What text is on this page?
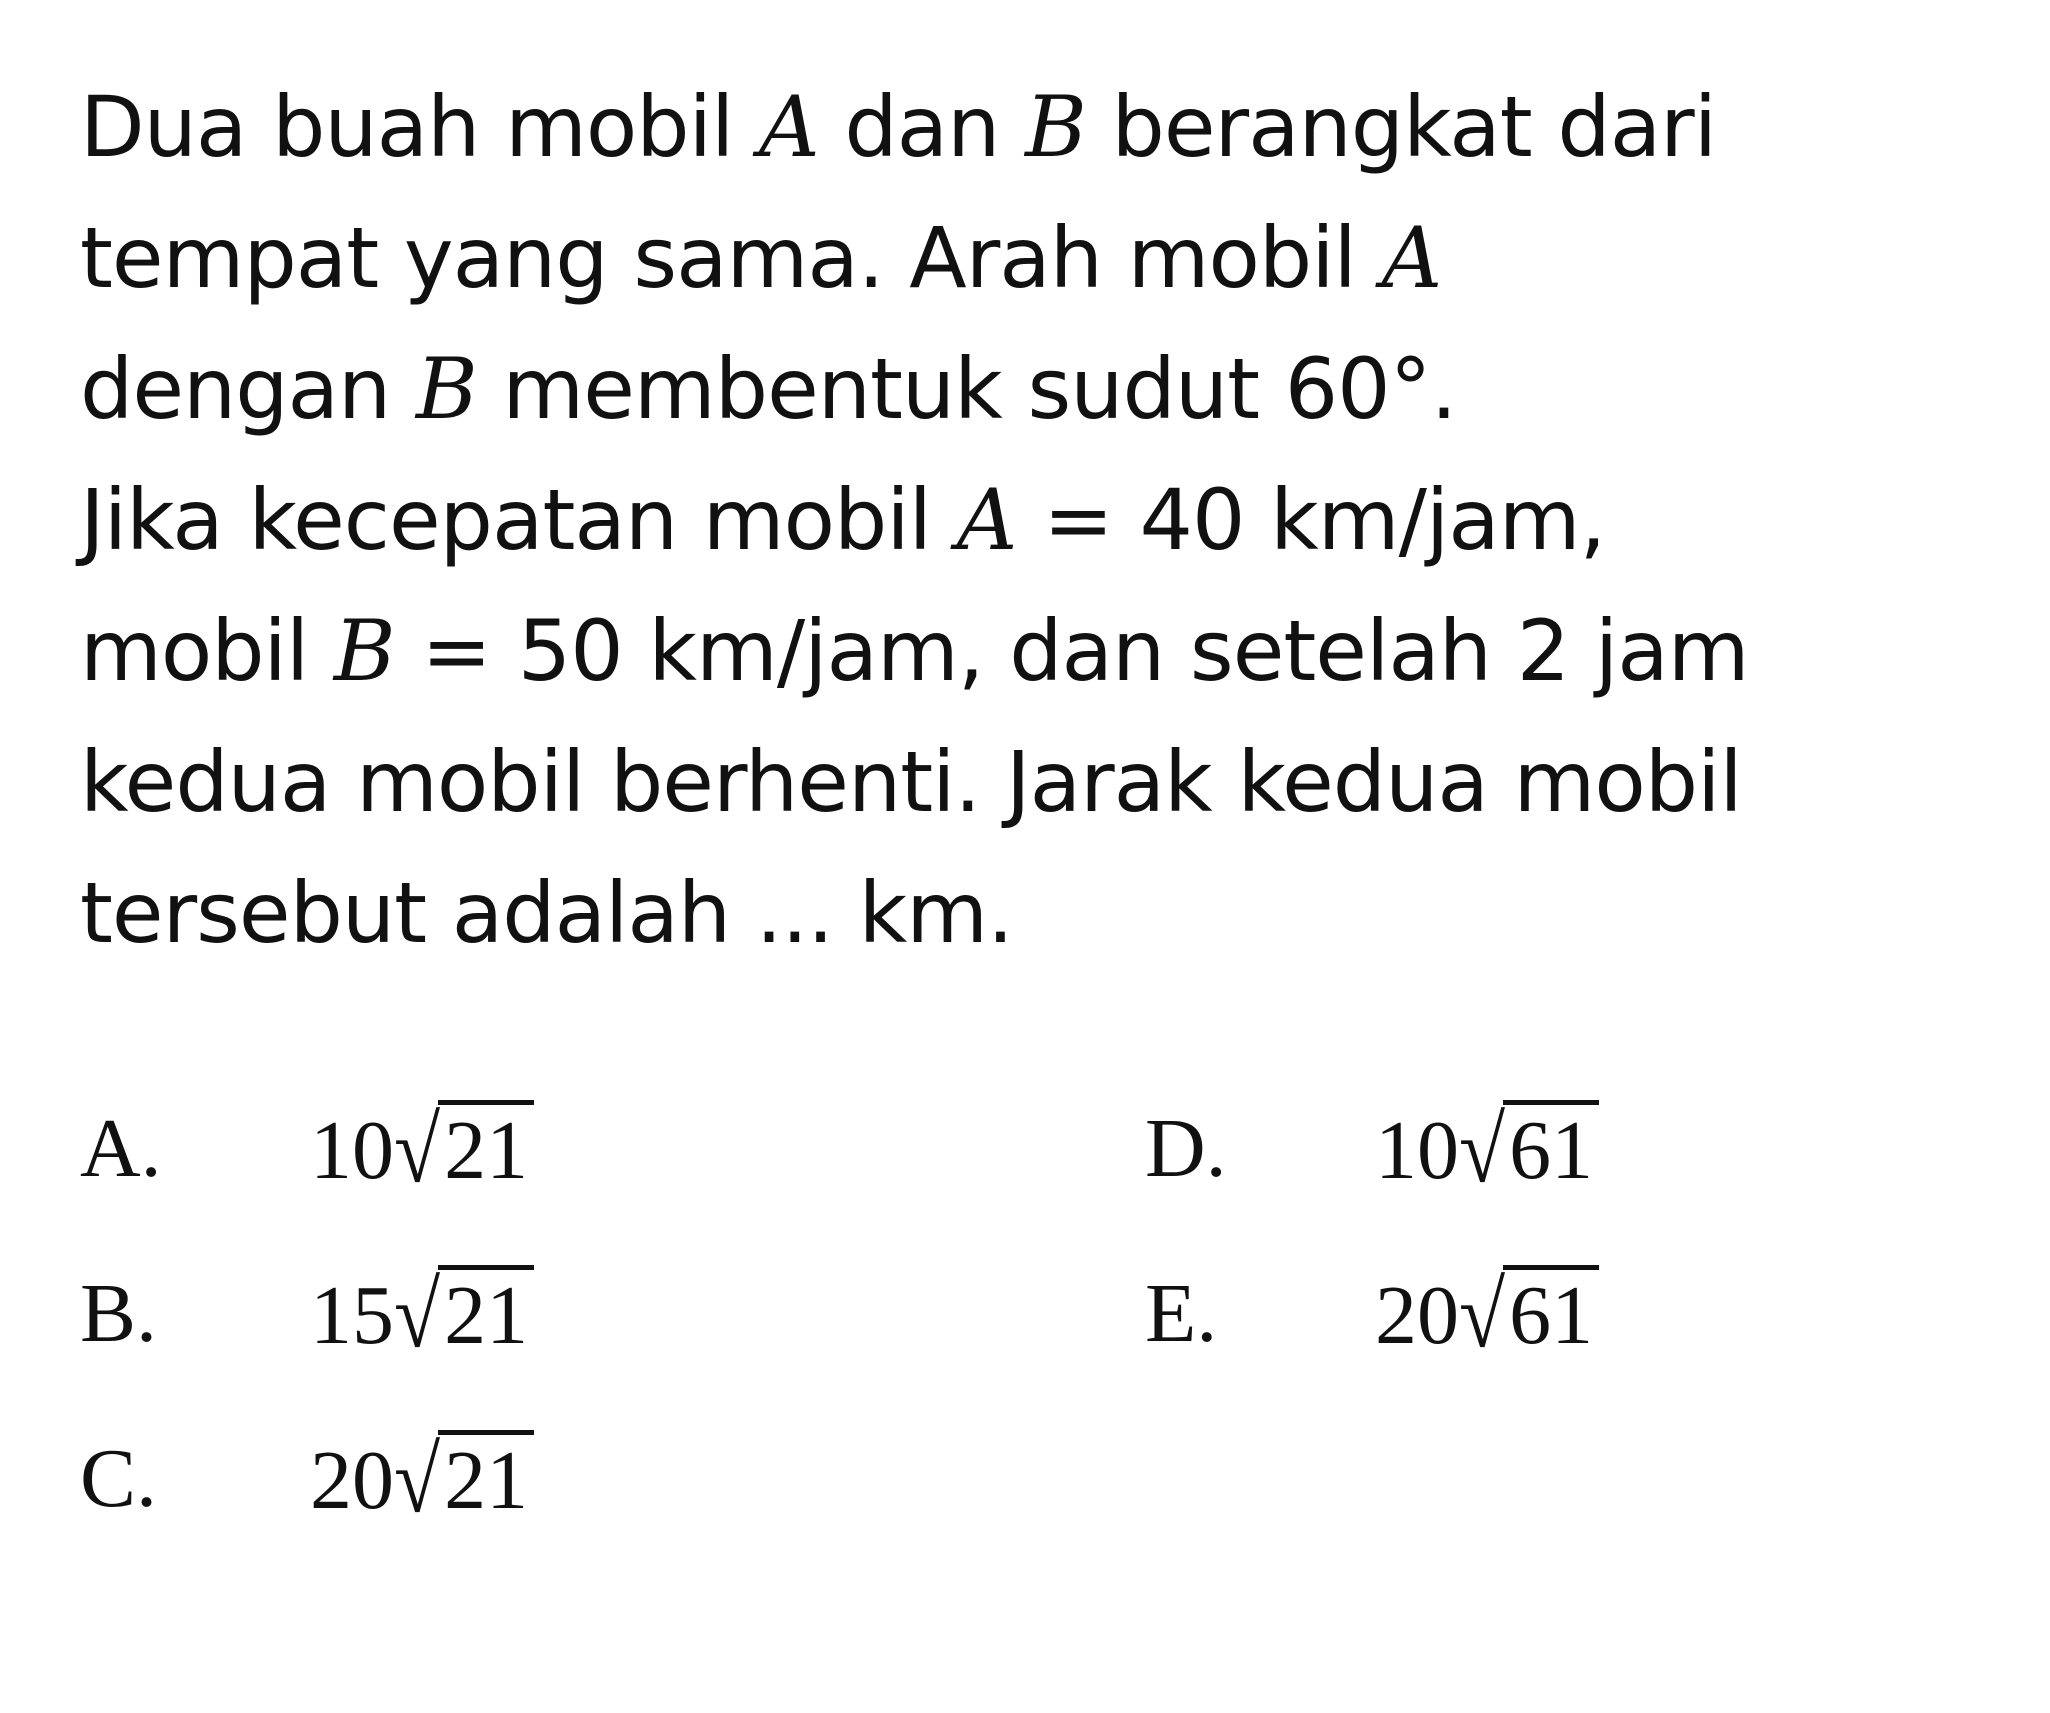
Dua buah mobil A dan B berangkat dari
tempat yang sama. Arah mobil A
dengan B membentuk sudut 60°.
Jika kecepatan mobil A = 40 km/jam,
mobil B = 50 km/jam, dan setelah 2 jam
kedua mobil berhenti. Jarak kedua mobil
tersebut adalah ... km.
A. 10√21
B. 15√21
C. 20√21
D. 10√61
E. 20√61
